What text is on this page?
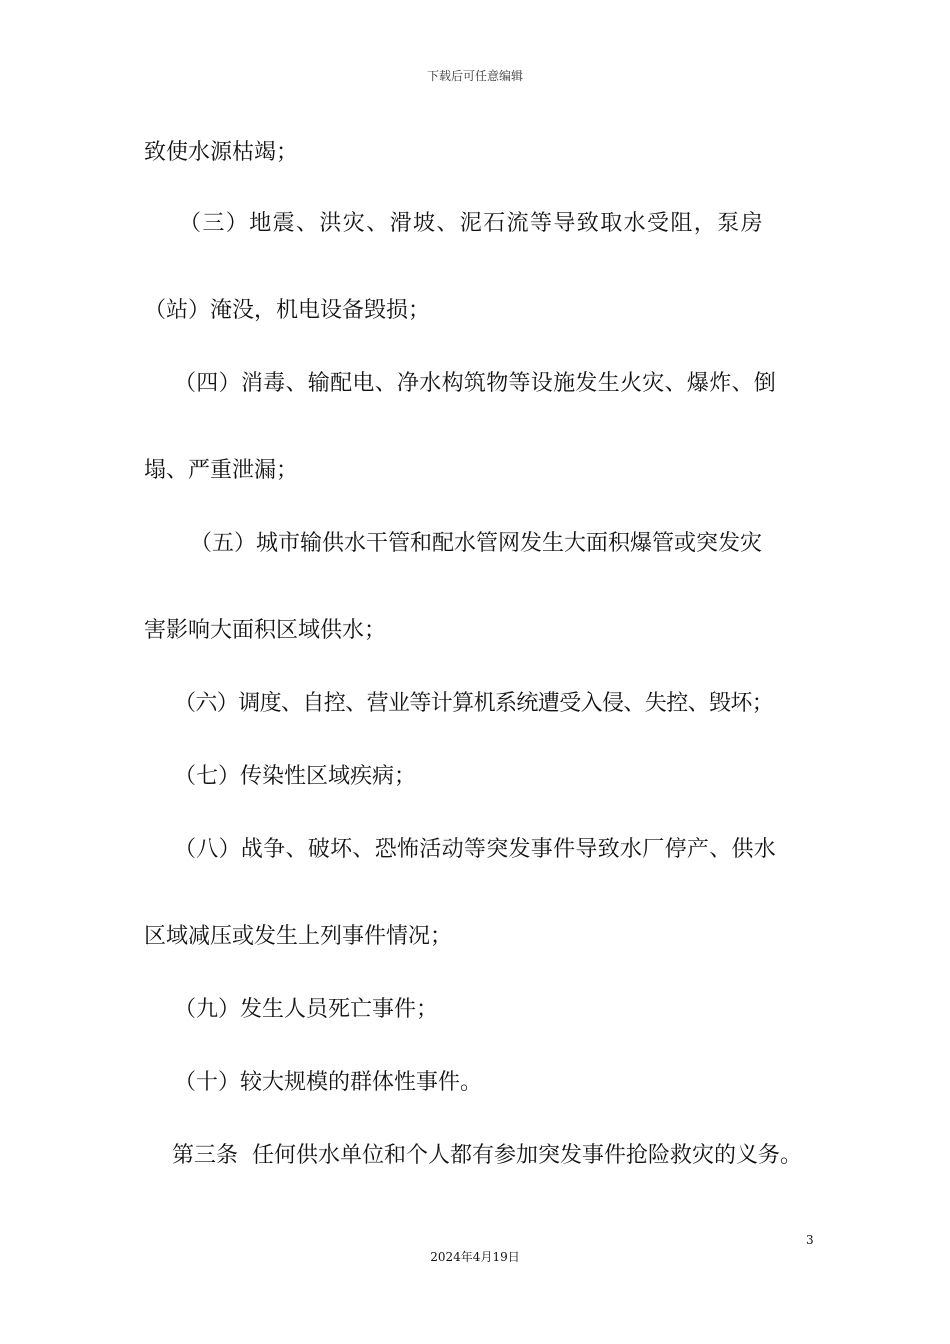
下载后可任意编辑
致使水源枯竭；
（三）地震、洪灾、滑坡、泥石流等导致取水受阻，泵房
（站）淹没，机电设备毁损；
（四）消毒、输配电、净水构筑物等设施发生火灾、爆炸、倒
塌、严重泄漏；
（五）城市输供水干管和配水管网发生大面积爆管或突发灾
害影响大面积区域供水；
（六）调度、自控、营业等计算机系统遭受入侵、失控、毁坏；
（七）传染性区域疾病；
（八）战争、破坏、恐怖活动等突发事件导致水厂停产、供水
区域减压或发生上列事件情况；
（九）发生人员死亡事件；
（十）较大规模的群体性事件。
第三条  任何供水单位和个人都有参加突发事件抢险救灾的义务。
3
2024年4月19日
